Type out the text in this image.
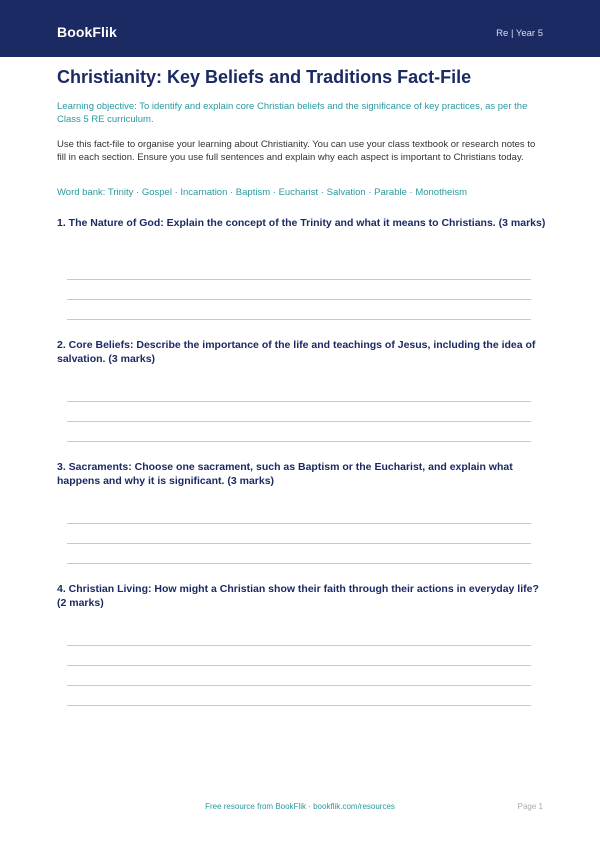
BookFlik	Re | Year 5
Christianity: Key Beliefs and Traditions Fact-File

Learning objective: To identify and explain core Christian beliefs and the significance of key practices, as per the Class 5 RE curriculum.

Use this fact-file to organise your learning about Christianity. You can use your class textbook or research notes to fill in each section. Ensure you use full sentences and explain why each aspect is important to Christians today.

Word bank: Trinity · Gospel · Incarnation · Baptism · Eucharist · Salvation · Parable · Monotheism

1. The Nature of God: Explain the concept of the Trinity and what it means to Christians. (3 marks)

2. Core Beliefs: Describe the importance of the life and teachings of Jesus, including the idea of salvation. (3 marks)

3. Sacraments: Choose one sacrament, such as Baptism or the Eucharist, and explain what happens and why it is significant. (3 marks)

4. Christian Living: How might a Christian show their faith through their actions in everyday life? (2 marks)

Free resource from BookFlik · bookflik.com/resources	Page 1
